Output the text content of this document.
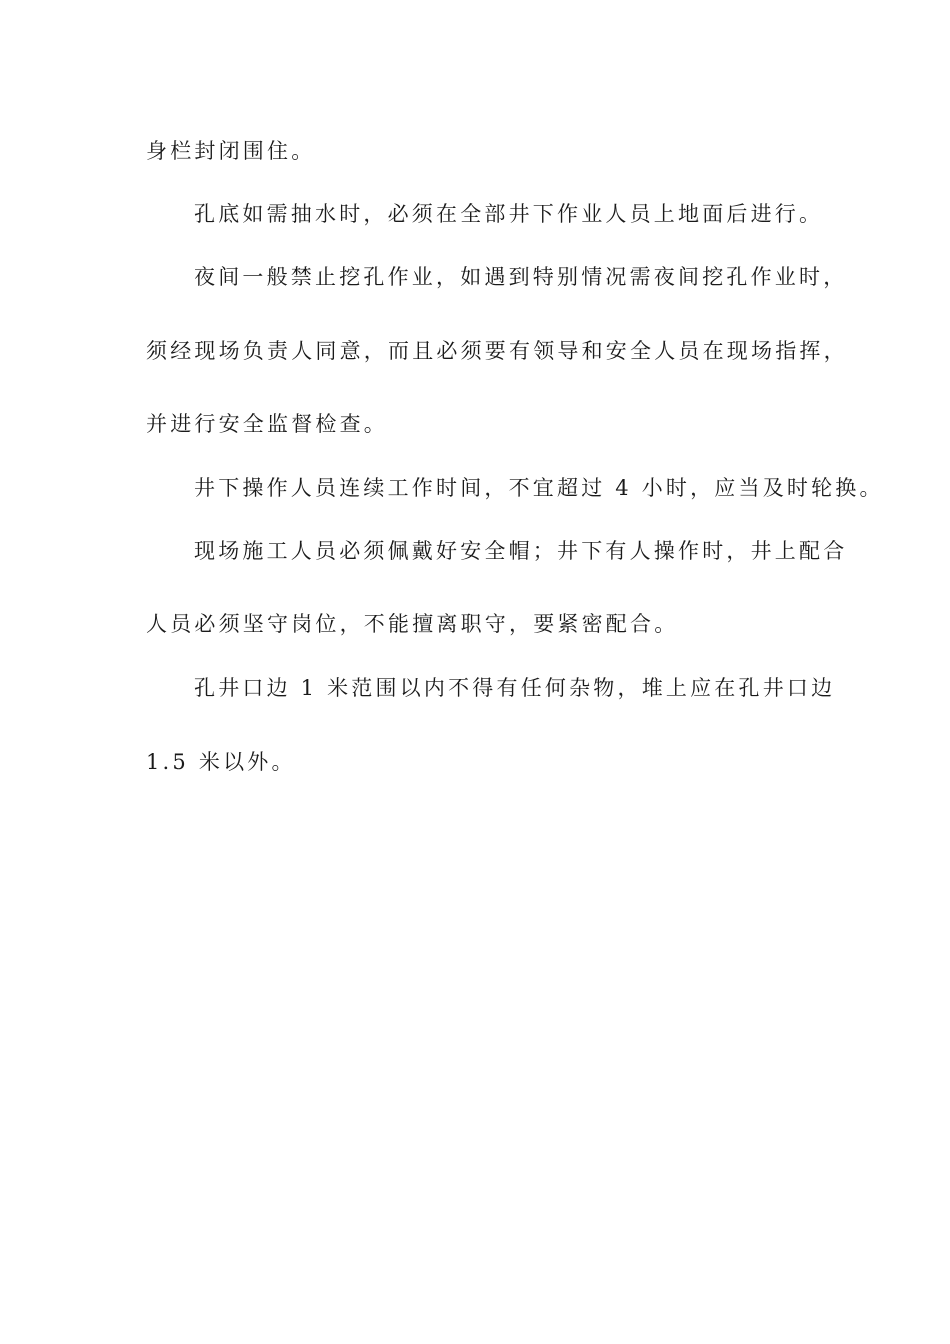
身栏封闭围住。

孔底如需抽水时，必须在全部井下作业人员上地面后进行。

夜间一般禁止挖孔作业，如遇到特别情况需夜间挖孔作业时，

须经现场负责人同意，而且必须要有领导和安全人员在现场指挥，

并进行安全监督检查。

井下操作人员连续工作时间，不宜超过 4 小时，应当及时轮换。

现场施工人员必须佩戴好安全帽；井下有人操作时，井上配合

人员必须坚守岗位，不能擅离职守，要紧密配合。

孔井口边 1 米范围以内不得有任何杂物，堆上应在孔井口边

1.5 米以外。
